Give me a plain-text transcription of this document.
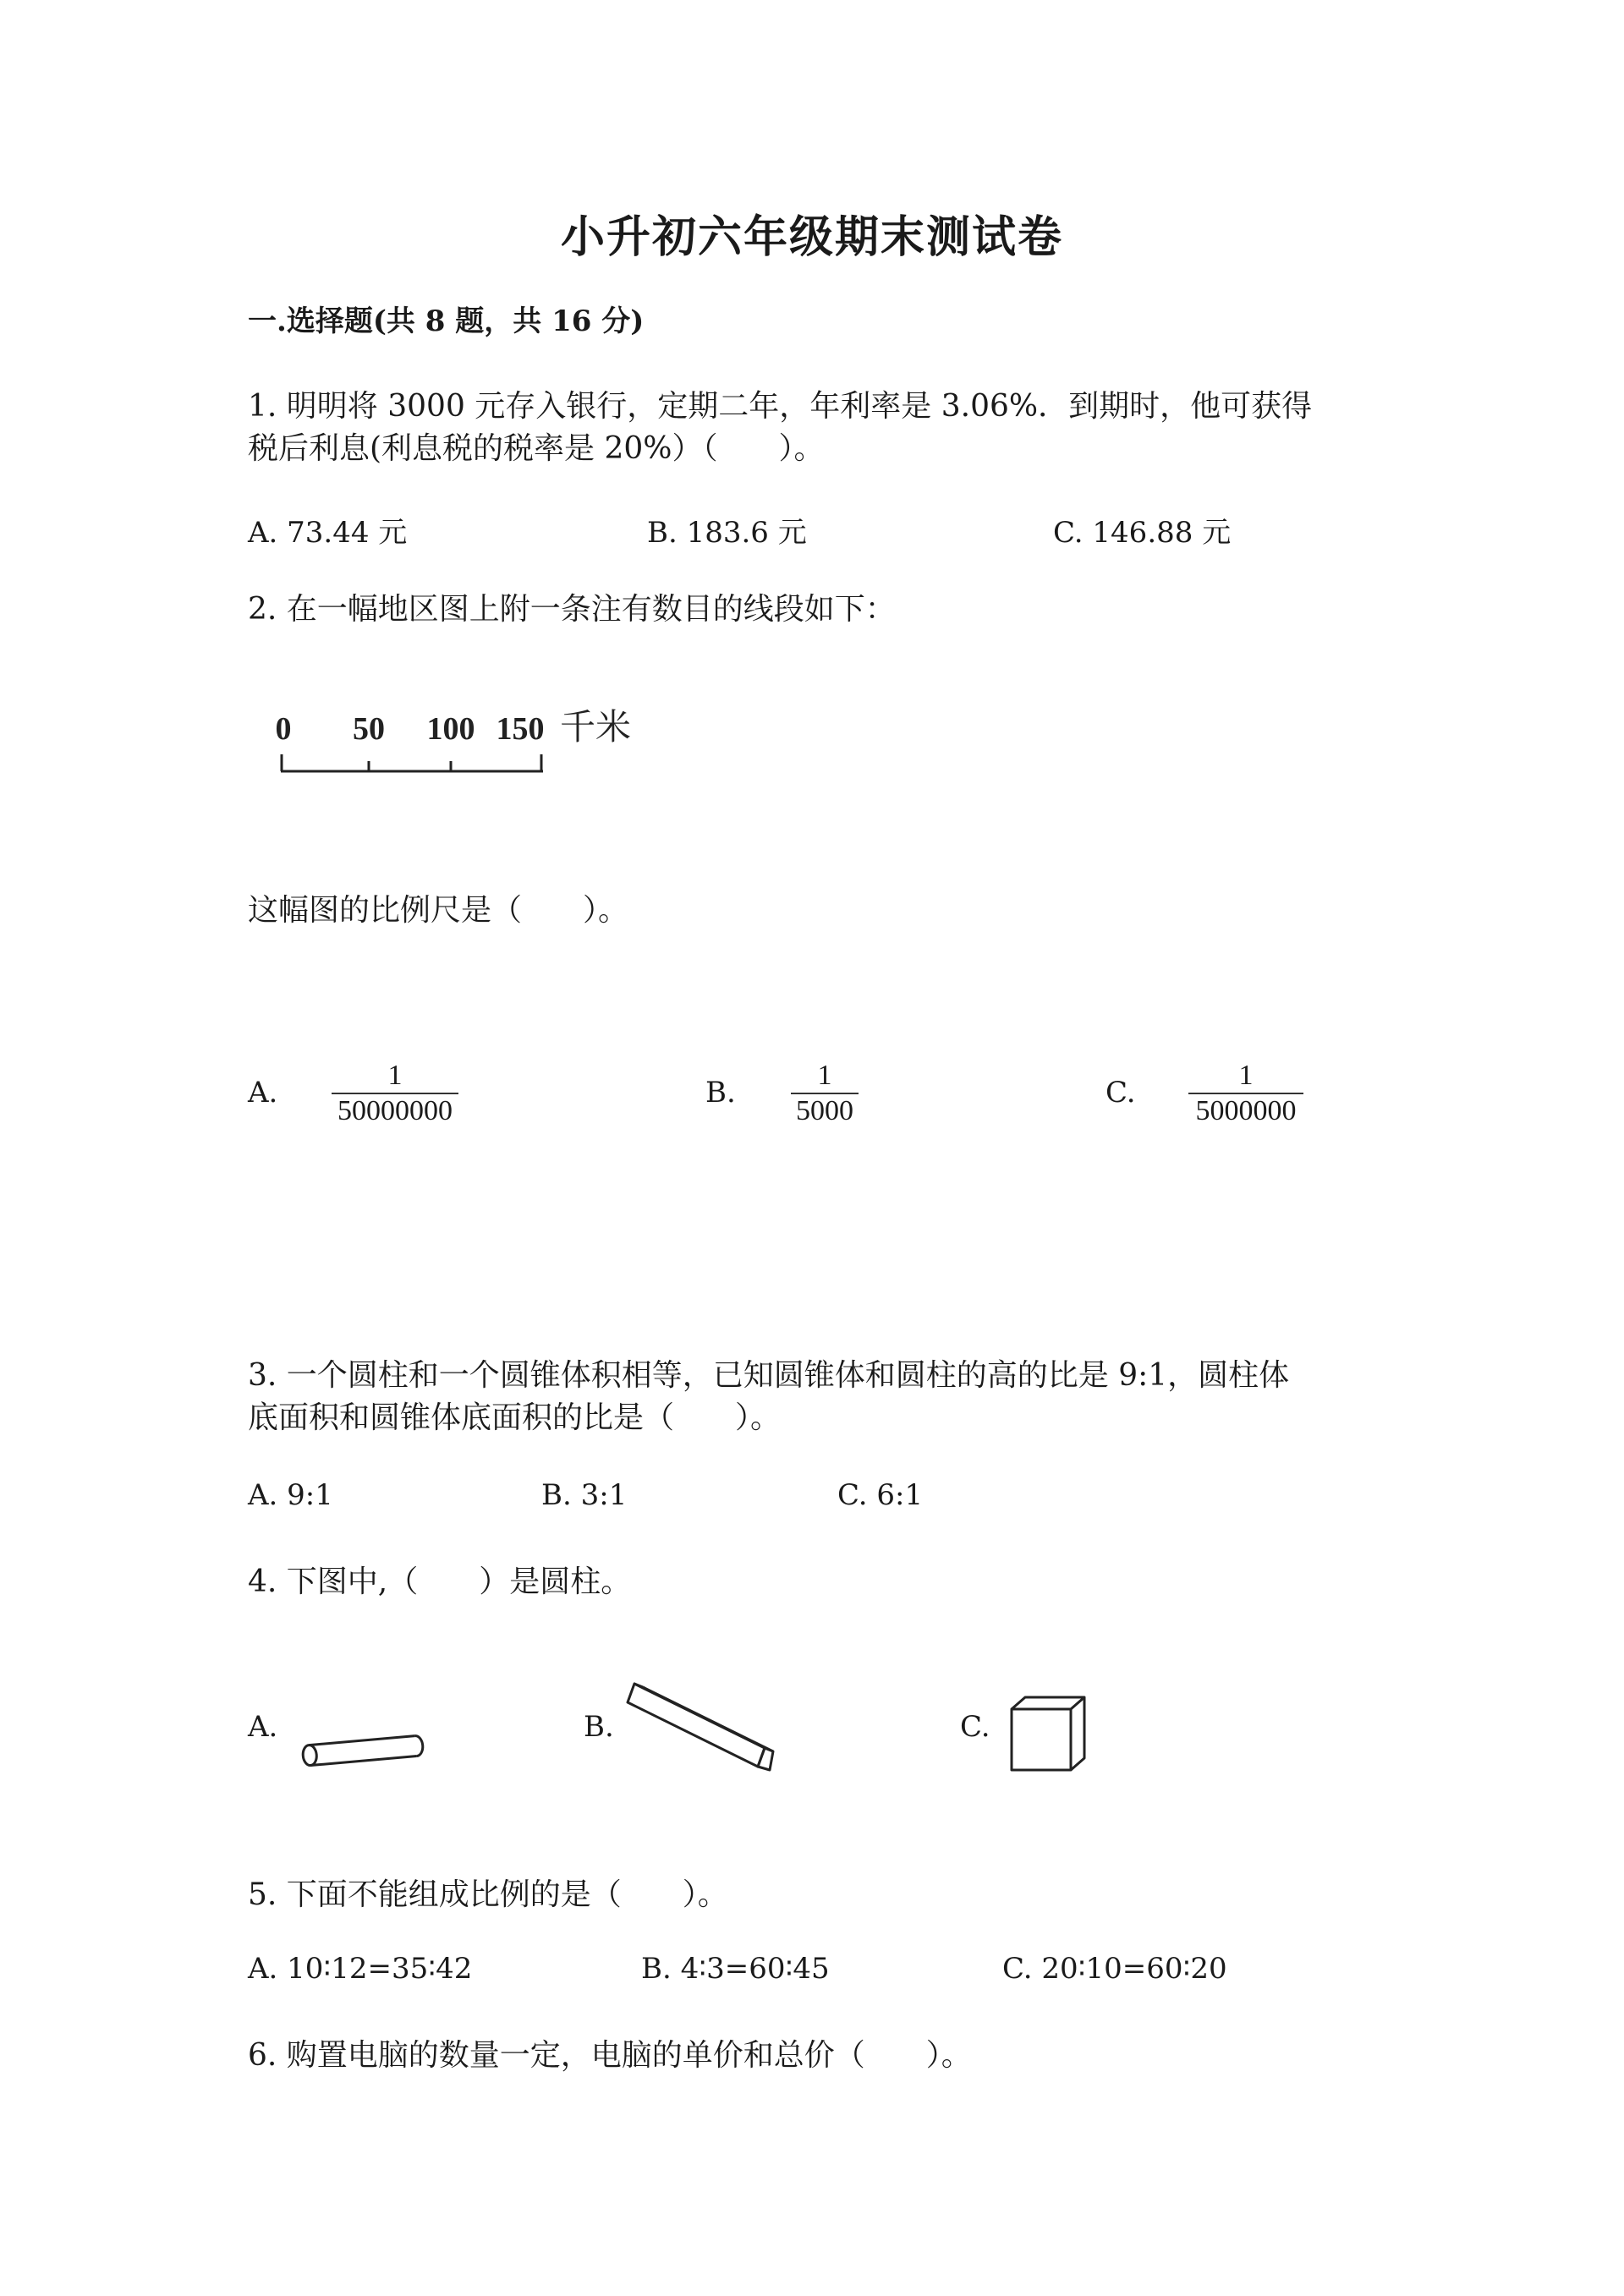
小升初六年级期末测试卷
一.选择题(共 8 题，共 16 分)
1. 明明将 3000 元存入银行，定期二年，年利率是 3.06%．到期时，他可获得
税后利息(利息税的税率是 20%）（　　）。
A. 73.44 元	B. 183.6 元	C. 146.88 元
2. 在一幅地区图上附一条注有数目的线段如下：
0 50 100 150 千米
这幅图的比例尺是（　　）。
A.
1
50000000
B.
1
5000
C.
1
5000000
3. 一个圆柱和一个圆锥体积相等，已知圆锥体和圆柱的高的比是 9:1，圆柱体
底面积和圆锥体底面积的比是（　　）。
A. 9:1	B. 3:1	C. 6:1
4. 下图中,（　　）是圆柱。
A.	B.	C.
5. 下面不能组成比例的是（　　）。
A. 10∶12=35∶42	B. 4∶3=60∶45	C. 20∶10=60∶20
6. 购置电脑的数量一定，电脑的单价和总价（　　）。
